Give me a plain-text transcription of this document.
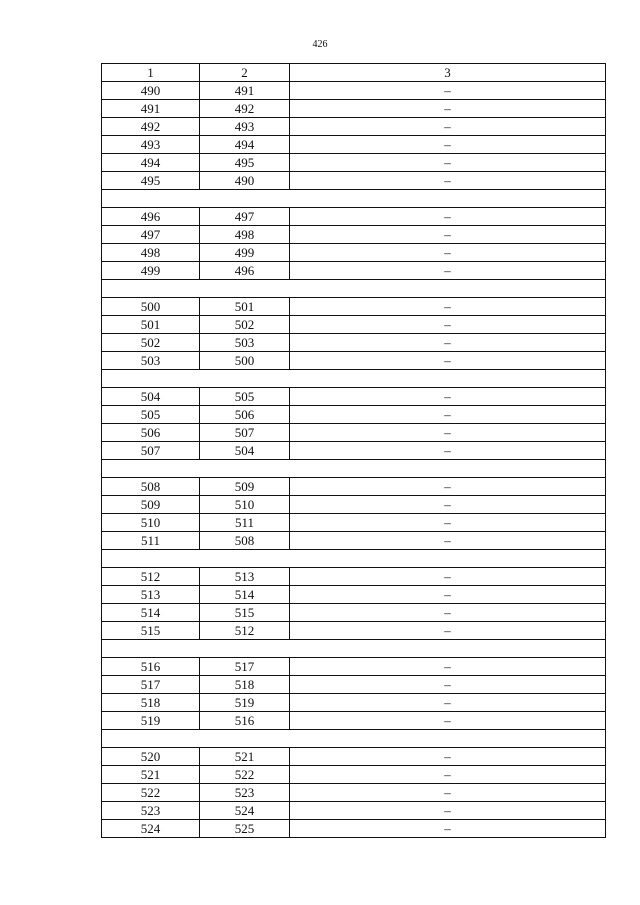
426
1	2	3
490	491	–
491	492	–
492	493	–
493	494	–
494	495	–
495	490	–

496	497	–
497	498	–
498	499	–
499	496	–

500	501	–
501	502	–
502	503	–
503	500	–

504	505	–
505	506	–
506	507	–
507	504	–

508	509	–
509	510	–
510	511	–
511	508	–

512	513	–
513	514	–
514	515	–
515	512	–

516	517	–
517	518	–
518	519	–
519	516	–

520	521	–
521	522	–
522	523	–
523	524	–
524	525	–
